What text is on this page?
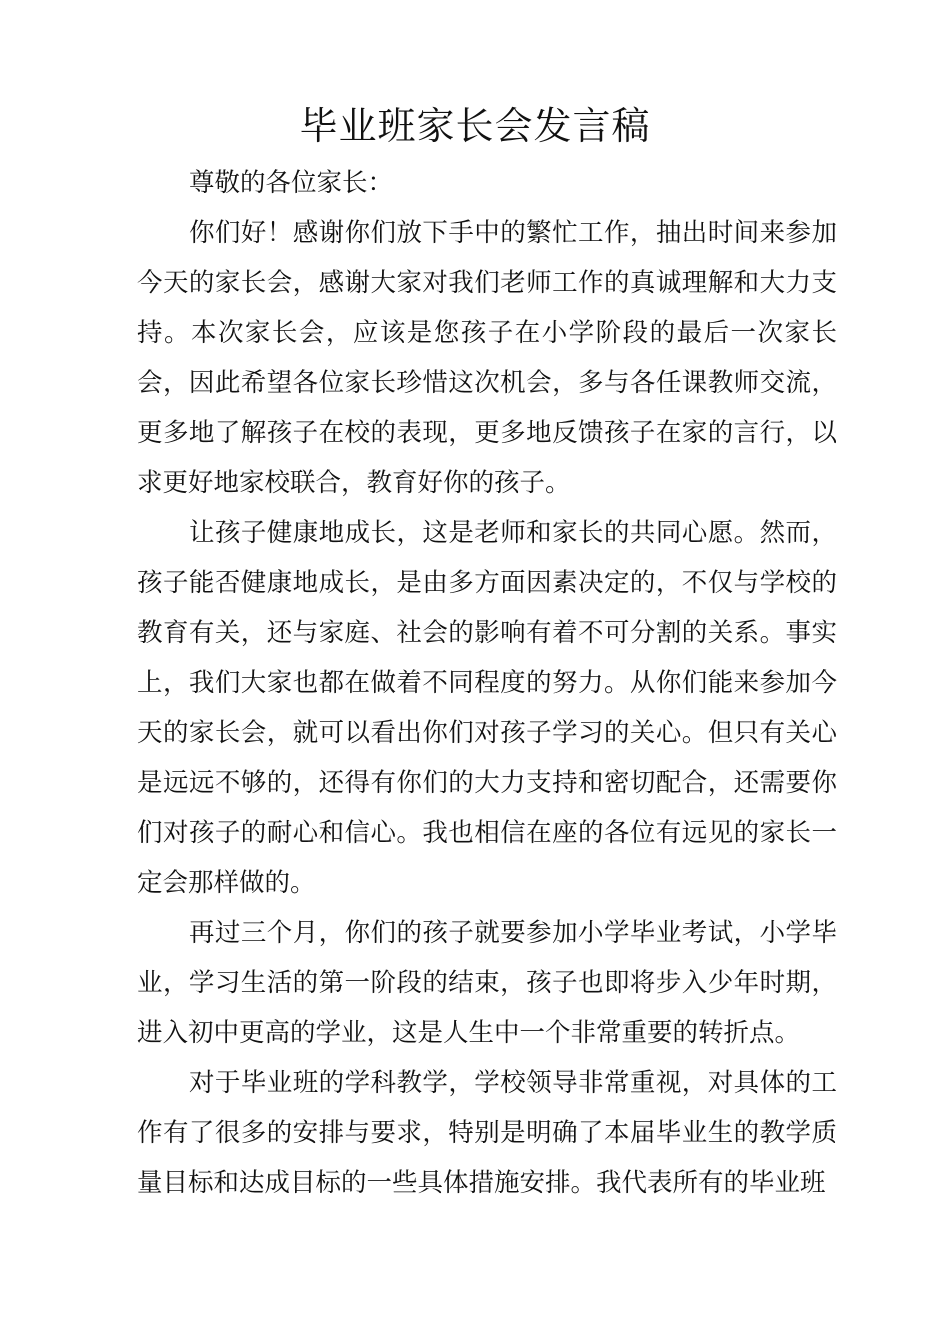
毕业班家长会发言稿

尊敬的各位家长：

你们好！感谢你们放下手中的繁忙工作，抽出时间来参加今天的家长会，感谢大家对我们老师工作的真诚理解和大力支持。本次家长会，应该是您孩子在小学阶段的最后一次家长会，因此希望各位家长珍惜这次机会，多与各任课教师交流，更多地了解孩子在校的表现，更多地反馈孩子在家的言行，以求更好地家校联合，教育好你的孩子。

让孩子健康地成长，这是老师和家长的共同心愿。然而，孩子能否健康地成长，是由多方面因素决定的，不仅与学校的教育有关，还与家庭、社会的影响有着不可分割的关系。事实上，我们大家也都在做着不同程度的努力。从你们能来参加今天的家长会，就可以看出你们对孩子学习的关心。但只有关心是远远不够的，还得有你们的大力支持和密切配合，还需要你们对孩子的耐心和信心。我也相信在座的各位有远见的家长一定会那样做的。

再过三个月，你们的孩子就要参加小学毕业考试，小学毕业，学习生活的第一阶段的结束，孩子也即将步入少年时期，进入初中更高的学业，这是人生中一个非常重要的转折点。

对于毕业班的学科教学，学校领导非常重视，对具体的工作有了很多的安排与要求，特别是明确了本届毕业生的教学质量目标和达成目标的一些具体措施安排。我代表所有的毕业班
